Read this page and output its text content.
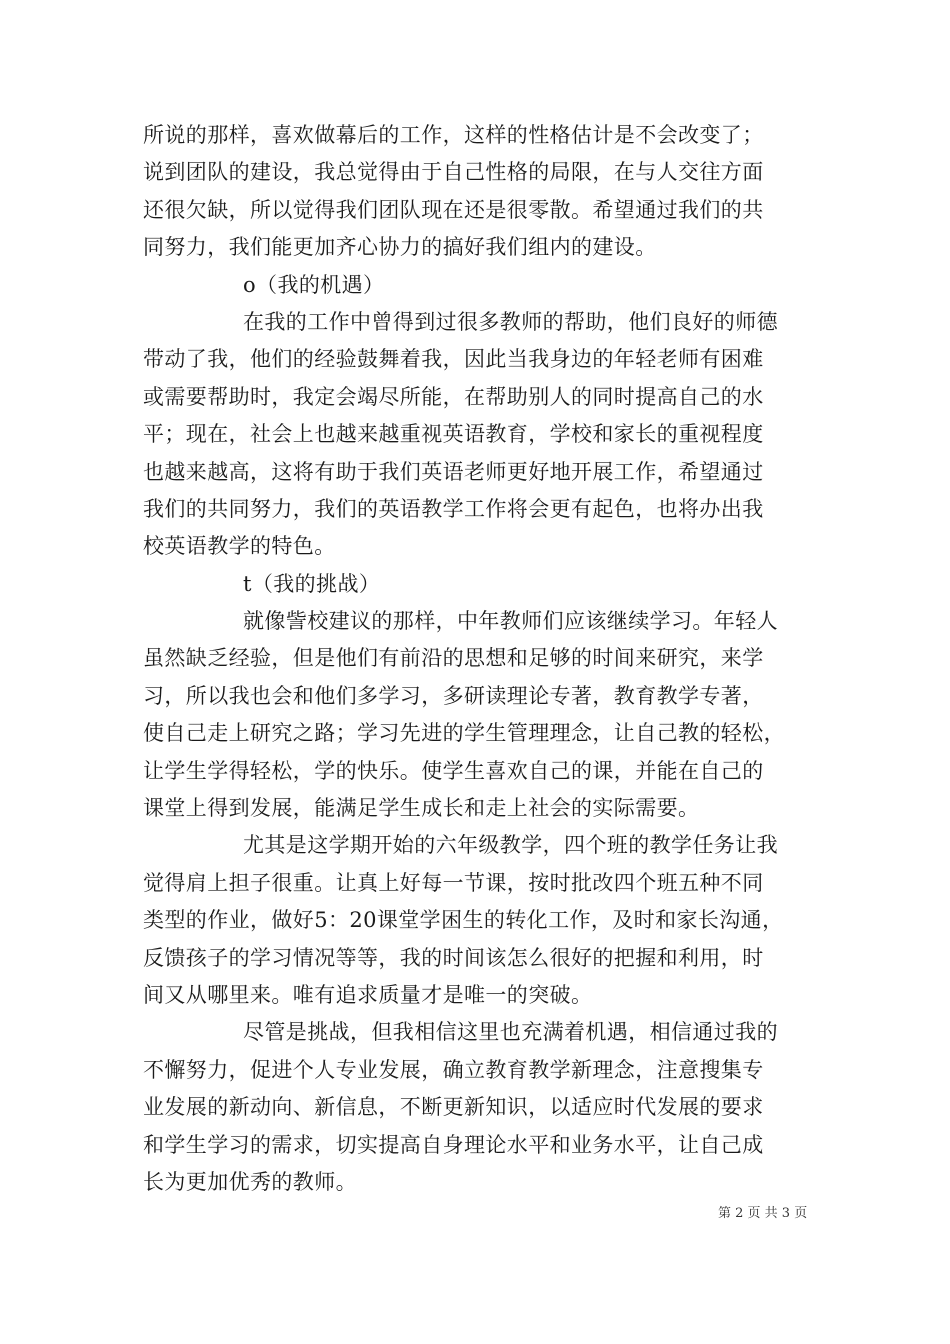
所说的那样，喜欢做幕后的工作，这样的性格估计是不会改变了；
说到团队的建设，我总觉得由于自己性格的局限，在与人交往方面
还很欠缺，所以觉得我们团队现在还是很零散。希望通过我们的共
同努力，我们能更加齐心协力的搞好我们组内的建设。
o（我的机遇）
在我的工作中曾得到过很多教师的帮助，他们良好的师德
带动了我，他们的经验鼓舞着我，因此当我身边的年轻老师有困难
或需要帮助时，我定会竭尽所能，在帮助别人的同时提高自己的水
平；现在，社会上也越来越重视英语教育，学校和家长的重视程度
也越来越高，这将有助于我们英语老师更好地开展工作，希望通过
我们的共同努力，我们的英语教学工作将会更有起色，也将办出我
校英语教学的特色。
t（我的挑战）
就像訾校建议的那样，中年教师们应该继续学习。年轻人
虽然缺乏经验，但是他们有前沿的思想和足够的时间来研究，来学
习，所以我也会和他们多学习，多研读理论专著，教育教学专著，
使自己走上研究之路；学习先进的学生管理理念，让自己教的轻松，
让学生学得轻松，学的快乐。使学生喜欢自己的课，并能在自己的
课堂上得到发展，能满足学生成长和走上社会的实际需要。
尤其是这学期开始的六年级教学，四个班的教学任务让我
觉得肩上担子很重。让真上好每一节课，按时批改四个班五种不同
类型的作业，做好5：20课堂学困生的转化工作，及时和家长沟通，
反馈孩子的学习情况等等，我的时间该怎么很好的把握和利用，时
间又从哪里来。唯有追求质量才是唯一的突破。
尽管是挑战，但我相信这里也充满着机遇，相信通过我的
不懈努力，促进个人专业发展，确立教育教学新理念，注意搜集专
业发展的新动向、新信息，不断更新知识，以适应时代发展的要求
和学生学习的需求，切实提高自身理论水平和业务水平，让自己成
长为更加优秀的教师。
第 2 页 共 3 页
